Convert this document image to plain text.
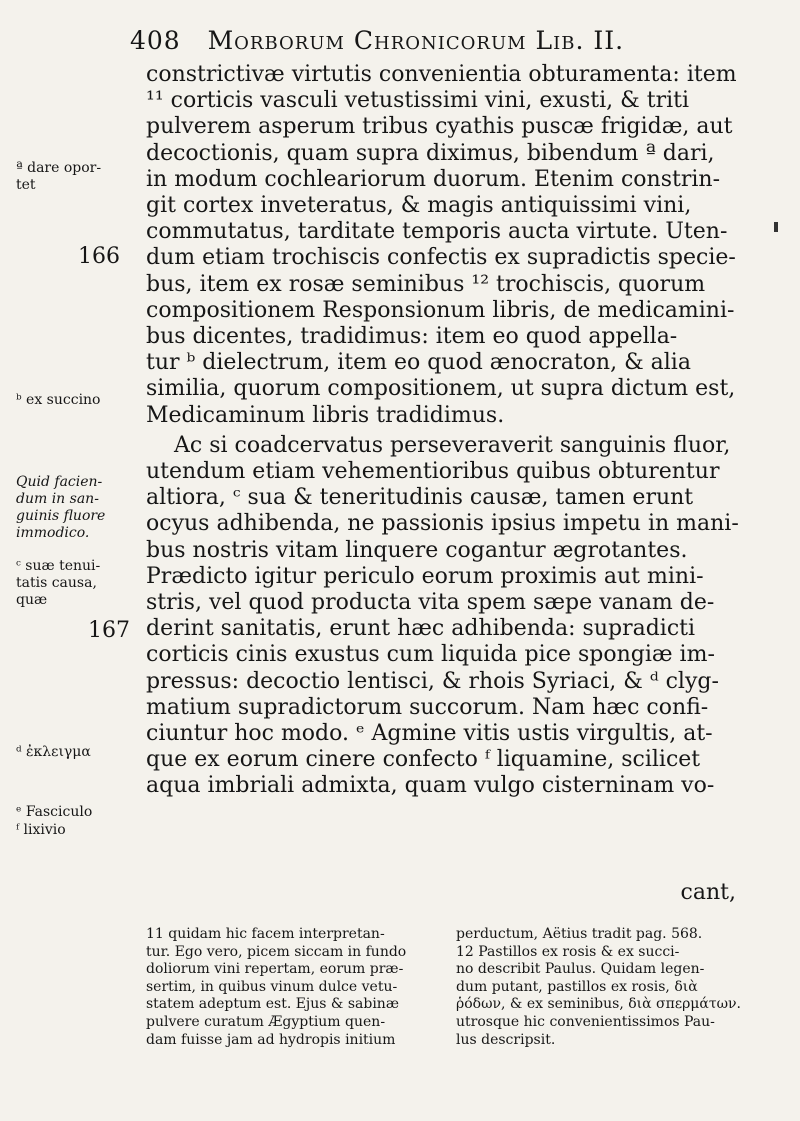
408 Morborum Chronicorum Lib. II.
constrictivæ virtutis convenientia obturamenta: item
¹¹ corticis vasculi vetustissimi vini, exusti, & triti
pulverem asperum tribus cyathis puscæ frigidæ, aut
decoctionis, quam supra diximus, bibendum ª dari,
in modum cochleariorum duorum. Etenim constrin-
git cortex inveteratus, & magis antiquissimi vini,
commutatus, tarditate temporis aucta virtute. Uten-
dum etiam trochiscis confectis ex supradictis specie-
bus, item ex rosæ seminibus ¹² trochiscis, quorum
compositionem Responsionum libris, de medicamini-
bus dicentes, tradidimus: item eo quod appella-
tur ᵇ dielectrum, item eo quod ænocraton, & alia
similia, quorum compositionem, ut supra dictum est,
Medicaminum libris tradidimus.
Ac si coadcervatus perseveraverit sanguinis fluor,
utendum etiam vehementioribus quibus obturentur
altiora, ᶜ sua & teneritudinis causæ, tamen erunt
ocyus adhibenda, ne passionis ipsius impetu in mani-
bus nostris vitam linquere cogantur ægrotantes.
Prædicto igitur periculo eorum proximis aut mini-
stris, vel quod producta vita spem sæpe vanam de-
derint sanitatis, erunt hæc adhibenda: supradicti
corticis cinis exustus cum liquida pice spongiæ im-
pressus: decoctio lentisci, & rhois Syriaci, & ᵈ clyg-
matium supradictorum succorum. Nam hæc confi-
ciuntur hoc modo. ᵉ Agmine vitis ustis virgultis, at-
que ex eorum cinere confecto ᶠ liquamine, scilicet
aqua imbriali admixta, quam vulgo cisterninam vo-
cant,
ª dare opor-
tet
166
ᵇ ex succino
Quid facien-
dum in san-
guinis fluore
immodico.
ᶜ suæ tenui-
tatis causa,
quæ
167
ᵈ ἐκλειγμα
ᵉ Fasciculo
ᶠ lixivio
11 quidam hic facem interpretan-
tur. Ego vero, picem siccam in fundo
doliorum vini repertam, eorum præ-
sertim, in quibus vinum dulce vetu-
statem adeptum est. Ejus & sabinæ
pulvere curatum Ægyptium quen-
dam fuisse jam ad hydropis initium
perductum, Aëtius tradit pag. 568.
12 Pastillos ex rosis & ex succi-
no describit Paulus. Quidam legen-
dum putant, pastillos ex rosis, διὰ
ῥόδων, & ex seminibus, διὰ σπερμάτων.
utrosque hic convenientissimos Pau-
lus descripsit.
